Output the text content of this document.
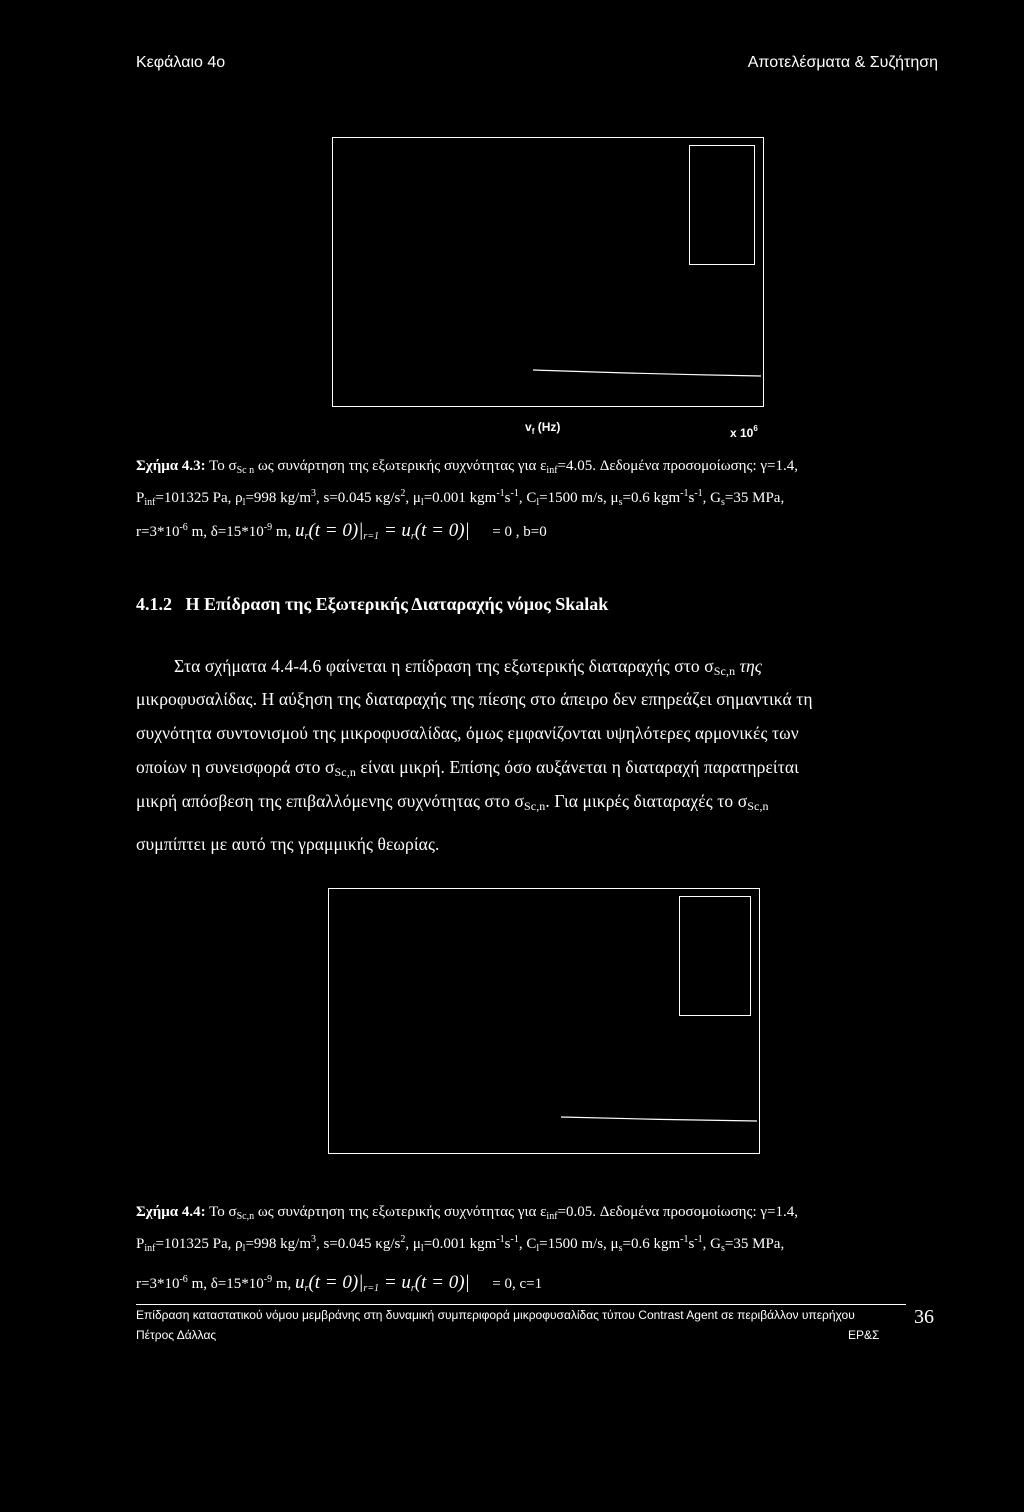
Κεφάλαιο 4ο	Αποτελέσματα & Συζήτηση
$v_f$ (Hz)	x $10^6$
Σχήμα 4.3: Το $\sigma_{Sc n}$ ως συνάρτηση της εξωτερικής συχνότητας για $\varepsilon_{inf}=4.05$. Δεδομένα προσομοίωσης: γ=1.4,
$P_{inf}=101325$ Pa, $\rho_l=998$ $kg/m^3$, s=0.045 $\kappa g/s^2$, $\mu_l=0.001$ $kgm^{-1}s^{-1}$, $C_l=1500$ m/s, $\mu_s=0.6$ $kgm^{-1}s^{-1}$, $G_s=35$ MPa,
$r=3*10^{-6}$ m, $\delta=15*10^{-9}$ m, $u_r(t = 0)|_{r=1} = u_r(t = 0)| = 0$ , b=0
4.1.2 Η Επίδραση της Εξωτερικής Διαταραχής νόμος Skalak
Στα σχήματα 4.4-4.6 φαίνεται η επίδραση της εξωτερικής διαταραχής στο $\sigma_{Sc,n}$ της
μικροφυσαλίδας. Η αύξηση της διαταραχής της πίεσης στο άπειρο δεν επηρεάζει σημαντικά τη
συχνότητα συντονισμού της μικροφυσαλίδας, όμως εμφανίζονται υψηλότερες αρμονικές των
οποίων η συνεισφορά στο $\sigma_{Sc,n}$ είναι μικρή. Επίσης όσο αυξάνεται η διαταραχή παρατηρείται
μικρή απόσβεση της επιβαλλόμενης συχνότητας στο $\sigma_{Sc,n}$. Για μικρές διαταραχές το $\sigma_{Sc,n}$
συμπίπτει με αυτό της γραμμικής θεωρίας.
Σχήμα 4.4: Το $\sigma_{Sc,n}$ ως συνάρτηση της εξωτερικής συχνότητας για $\varepsilon_{inf}=0.05$. Δεδομένα προσομοίωσης: γ=1.4,
$P_{inf}=101325$ Pa, $\rho_l=998$ $kg/m^3$, s=0.045 $\kappa g/s^2$, $\mu_l=0.001$ $kgm^{-1}s^{-1}$, $C_l=1500$ m/s, $\mu_s=0.6$ $kgm^{-1}s^{-1}$, $G_s=35$ MPa,
$r=3*10^{-6}$ m, $\delta=15*10^{-9}$ m, $u_r(t = 0)|_{r=1} = u_r(t = 0)| = 0$, c=1
Επίδραση καταστατικού νόμου μεμβράνης στη δυναμική συμπεριφορά μικροφυσαλίδας τύπου Contrast Agent σε περιβάλλον υπερήχου
Πέτρος Δάλλας	ΕΡ&Σ
36
